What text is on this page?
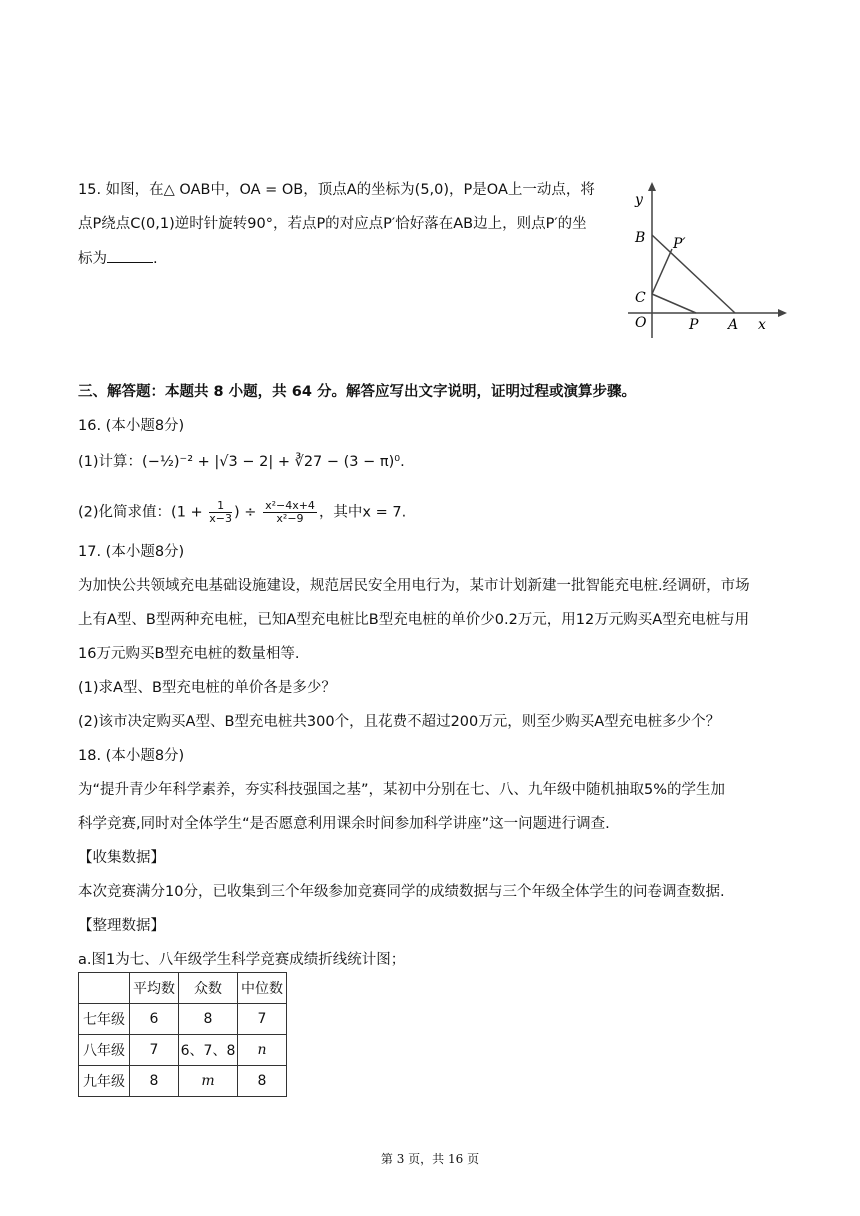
15. 如图，在△ OAB中，OA = OB，顶点A的坐标为(5,0)，P是OA上一动点，将
点P绕点C(0,1)逆时针旋转90°，若点P的对应点P′恰好落在AB边上，则点P′的坐
标为	.
y
B P′
C
O	P A x
三、解答题：本题共 8 小题，共 64 分。解答应写出文字说明，证明过程或演算步骤。
16. (本小题8分)
(1)计算：(−½)⁻² + |√3 − 2| + ∛27 − (3 − π)⁰.
(2)化简求值：($1 + \frac{1}{x-3}$ ) ÷ $\frac{\text{x²−4x+4}}{\text{x²−9}}$ ，其中x = 7.
17. (本小题8分)
为加快公共领域充电基础设施建设，规范居民安全用电行为，某市计划新建一批智能充电桩.经调研，市场
上有A型、B型两种充电桩，已知A型充电桩比B型充电桩的单价少0.2万元，用12万元购买A型充电桩与用
16万元购买B型充电桩的数量相等.
(1)求A型、B型充电桩的单价各是多少？
(2)该市决定购买A型、B型充电桩共300个，且花费不超过200万元，则至少购买A型充电桩多少个？
18. (本小题8分)
为“提升青少年科学素养，夯实科技强国之基”，某初中分别在七、八、九年级中随机抽取5%的学生加
科学竞赛,同时对全体学生“是否愿意利用课余时间参加科学讲座”这一问题进行调查.
【收集数据】
本次竞赛满分10分，已收集到三个年级参加竞赛同学的成绩数据与三个年级全体学生的问卷调查数据.
【整理数据】
a.图1为七、八年级学生科学竞赛成绩折线统计图；
	平均数	众数	中位数
七年级	6	8	7
八年级	7	6、7、8	n
九年级	8	m	8
第 3 页，共 16 页
